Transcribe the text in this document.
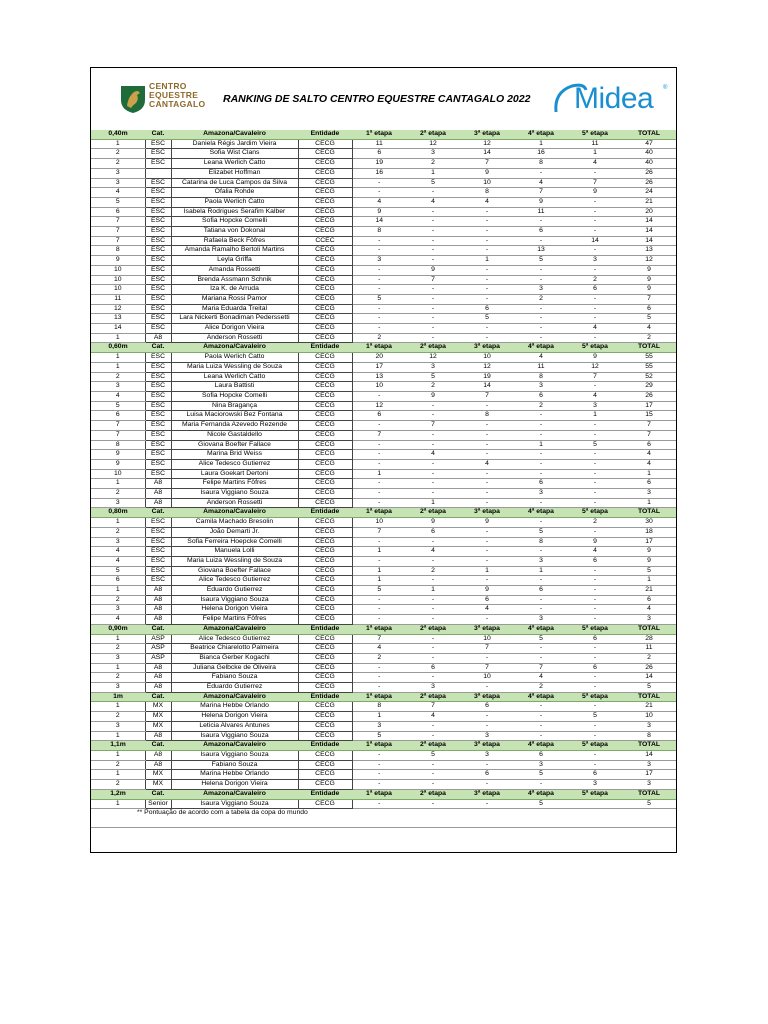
CENTRO
EQUESTRE
CANTAGALO RANKING DE SALTO CENTRO EQUESTRE CANTAGALO 2022 Midea ®
0,40m	Cat.	Amazona/Cavaleiro	Entidade	1ª etapa	2ª etapa	3ª etapa	4ª etapa	5ª etapa	TOTAL
1	ESC	Daniela Régis Jardim Vieira	CECG	11	12	12	1	11	47
2	ESC	Sofia Wist Clans	CECG	6	3	14	16	1	40
2	ESC	Leana Werlich Catto	CECG	19	2	7	8	4	40
3		Elizabet Hoffman	CECG	16	1	9	-	-	26
3	ESC	Catarina de Luca Campos da Silva	CECG	-	5	10	4	7	26
4	ESC	Ofalia Rohde	CECG	-	-	8	7	9	24
5	ESC	Paola Werlich Catto	CECG	4	4	4	9	-	21
6	ESC	Isabela Rodrigues Serafim Kalber	CECG	9	-	-	11	-	20
7	ESC	Sofia Hopcke Comelli	CECG	14	-	-	-	-	14
7	ESC	Tatiana von Dokonal	CECG	8	-	-	6	-	14
7	ESC	Rafaela Beck Fôfres	CCEC	-	-	-	-	14	14
8	ESC	Amanda Ramalho Bertoli Martins	CECG	-	-	-	13	-	13
9	ESC	Leyla Griffa	CECG	3	-	1	5	3	12
10	ESC	Amanda Rossetti	CECG	-	9	-	-	-	9
10	ESC	Brenda Assmann Schnik	CECG	-	7	-	-	2	9
10	ESC	Iza K. de Arruda	CECG	-	-	-	3	6	9
11	ESC	Mariana Rossi Pamor	CECG	5	-	-	2	-	7
12	ESC	Maria Eduarda Treital	CECG	-	-	6	-	-	6
13	ESC	Lara Nickerti Bonadiman Pederssetti	CECG	-	-	5	-	-	5
14	ESC	Alice Dorigon Vieira	CECG	-	-	-	-	4	4
1	A8	Anderson Rossetti	CECG	2	-	-	-	-	2
0,60m	Cat.	Amazona/Cavaleiro	Entidade	1ª etapa	2ª etapa	3ª etapa	4ª etapa	5ª etapa	TOTAL
1	ESC	Paola Werlich Catto	CECG	20	12	10	4	9	55
1	ESC	Maria Luiza Wessling de Souza	CECG	17	3	12	11	12	55
2	ESC	Leana Werlich Catto	CECG	13	5	19	8	7	52
3	ESC	Laura Battisti	CECG	10	2	14	3	-	29
4	ESC	Sofia Hopcke Comelli	CECG	-	9	7	6	4	26
5	ESC	Nina Bragança	CECG	12	-	-	2	3	17
6	ESC	Luisa Maciorowski Bez Fontana	CECG	6	-	8	-	1	15
7	ESC	Maria Fernanda Azevedo Rezende	CECG	-	7	-	-	-	7
7	ESC	Nicole Gastaldello	CECG	7	-	-	-	-	7
8	ESC	Giovana Boefter Fallace	CECG	-	-	-	1	5	6
9	ESC	Marina Brid Weiss	CECG	-	4	-	-	-	4
9	ESC	Alice Tedesco Gutierrez	CECG	-	-	4	-	-	4
10	ESC	Laura Goekart Dertoni	CECG	1	-	-	-	-	1
1	A8	Felipe Martins Fôfres	CECG	-	-	-	6	-	6
2	A8	Isaura Viggiano Souza	CECG	-	-	-	3	-	3
3	A8	Anderson Rossetti	CECG	-	1	-	-	-	1
0,80m	Cat.	Amazona/Cavaleiro	Entidade	1ª etapa	2ª etapa	3ª etapa	4ª etapa	5ª etapa	TOTAL
1	ESC	Camila Machado Bresolin	CECG	10	9	9	-	2	30
2	ESC	João Demarti Jr.	CECG	7	6	-	5	-	18
3	ESC	Sofia Ferreira Hoepcke Comelli	CECG	-	-	-	8	9	17
4	ESC	Manuela Lolli	CECG	1	4	-	-	4	9
4	ESC	Maria Luiza Wessling de Souza	CECG	-	-	-	3	6	9
5	ESC	Giovana Boefter Fallace	CECG	1	2	1	1	-	5
6	ESC	Alice Tedesco Gutierrez	CECG	1	-	-	-	-	1
1	A8	Eduardo Gutierrez	CECG	5	1	9	6	-	21
2	A8	Isaura Viggiano Souza	CECG	-	-	6	-	-	6
3	A8	Helena Dorigon Vieira	CECG	-	-	4	-	-	4
4	A8	Felipe Martins Fôfres	CECG	-	-	-	3	-	3
0,90m	Cat.	Amazona/Cavaleiro	Entidade	1ª etapa	2ª etapa	3ª etapa	4ª etapa	5ª etapa	TOTAL
1	ASP	Alice Tedesco Gutierrez	CECG	7	-	10	5	6	28
2	ASP	Beatrice Chiarelotto Palmeira	CECG	4	-	7	-	-	11
3	ASP	Bianca Gerber Kogachi	CECG	2	-	-	-	-	2
1	A8	Juliana Gelbcke de Oliveira	CECG	-	6	7	7	6	26
2	A8	Fabiano Souza	CECG	-	-	10	4	-	14
3	A8	Eduardo Gutierrez	CECG	-	3	-	2	-	5
1m	Cat.	Amazona/Cavaleiro	Entidade	1ª etapa	2ª etapa	3ª etapa	4ª etapa	5ª etapa	TOTAL
1	MX	Marina Hebbe Orlando	CECG	8	7	6	-	-	21
2	MX	Helena Dorigon Vieira	CECG	1	4	-	-	5	10
3	MX	Leticia Alvares Antunes	CECG	3	-	-	-	-	3
1	A8	Isaura Viggiano Souza	CECG	5	-	3	-	-	8
1,1m	Cat.	Amazona/Cavaleiro	Entidade	1ª etapa	2ª etapa	3ª etapa	4ª etapa	5ª etapa	TOTAL
1	A8	Isaura Viggiano Souza	CECG	-	5	3	6	-	14
2	A8	Fabiano Souza	CECG	-	-	-	3	-	3
1	MX	Marina Hebbe Orlando	CECG	-	-	6	5	6	17
2	MX	Helena Dorigon Vieira	CECG	-	-	-	-	3	3
1,2m	Cat.	Amazona/Cavaleiro	Entidade	1ª etapa	2ª etapa	3ª etapa	4ª etapa	5ª etapa	TOTAL
1	Senior	Isaura Viggiano Souza	CECG	-	-	-	5		5
** Pontuação de acordo com a tabela da copa do mundo									
